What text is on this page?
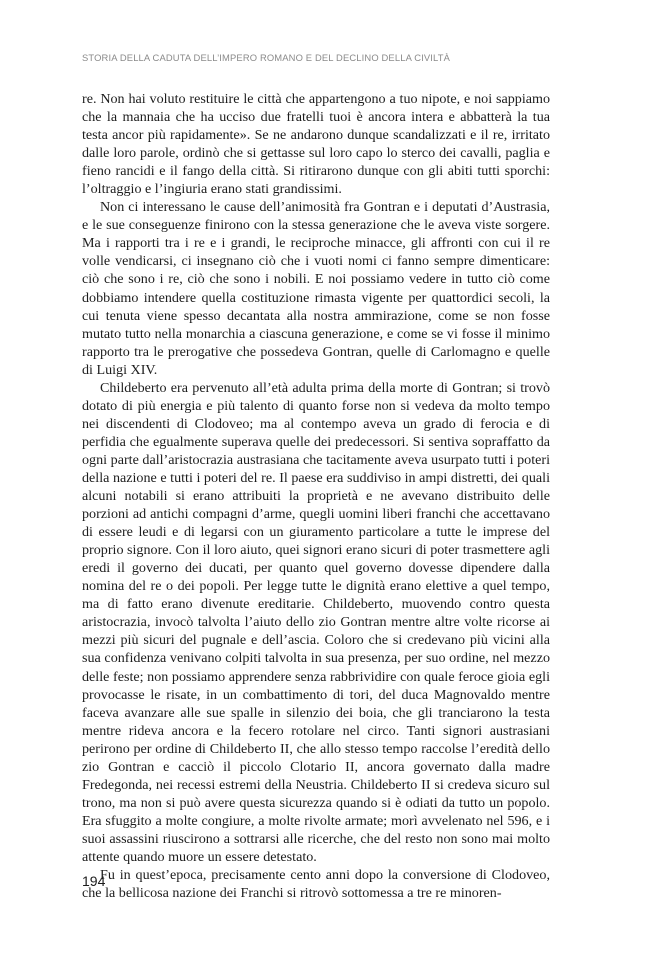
STORIA DELLA CADUTA DELL’IMPERO ROMANO E DEL DECLINO DELLA CIVILTÀ

re. Non hai voluto restituire le città che appartengono a tuo nipote, e noi sappiamo che la mannaia che ha ucciso due fratelli tuoi è ancora intera e abbatterà la tua testa ancor più rapidamente». Se ne andarono dunque scandalizzati e il re, irritato dalle loro parole, ordinò che si gettasse sul loro capo lo sterco dei cavalli, paglia e fieno rancidi e il fango della città. Si ritirarono dunque con gli abiti tutti sporchi: l’oltraggio e l’ingiuria erano stati grandissimi.

Non ci interessano le cause dell’animosità fra Gontran e i deputati d’Austrasia, e le sue conseguenze finirono con la stessa generazione che le aveva viste sorgere. Ma i rapporti tra i re e i grandi, le reciproche minacce, gli affronti con cui il re volle vendicarsi, ci insegnano ciò che i vuoti nomi ci fanno sempre dimenticare: ciò che sono i re, ciò che sono i nobili. E noi possiamo vedere in tutto ciò come dobbiamo intendere quella costituzione rimasta vigente per quattordici secoli, la cui tenuta viene spesso decantata alla nostra ammirazione, come se non fosse mutato tutto nella monarchia a ciascuna generazione, e come se vi fosse il minimo rapporto tra le prerogative che possedeva Gontran, quelle di Carlomagno e quelle di Luigi XIV.

Childeberto era pervenuto all’età adulta prima della morte di Gontran; si trovò dotato di più energia e più talento di quanto forse non si vedeva da molto tempo nei discendenti di Clodoveo; ma al contempo aveva un grado di ferocia e di perfidia che egualmente superava quelle dei predecessori. Si sentiva sopraffatto da ogni parte dall’aristocrazia austrasiana che tacitamente aveva usurpato tutti i poteri della nazione e tutti i poteri del re. Il paese era suddiviso in ampi distretti, dei quali alcuni notabili si erano attribuiti la proprietà e ne avevano distribuito delle porzioni ad antichi compagni d’arme, quegli uomini liberi franchi che accettavano di essere leudi e di legarsi con un giuramento particolare a tutte le imprese del proprio signore. Con il loro aiuto, quei signori erano sicuri di poter trasmettere agli eredi il governo dei ducati, per quanto quel governo dovesse dipendere dalla nomina del re o dei popoli. Per legge tutte le dignità erano elettive a quel tempo, ma di fatto erano divenute ereditarie. Childeberto, muovendo contro questa aristocrazia, invocò talvolta l’aiuto dello zio Gontran mentre altre volte ricorse ai mezzi più sicuri del pugnale e dell’ascia. Coloro che si credevano più vicini alla sua confidenza venivano colpiti talvolta in sua presenza, per suo ordine, nel mezzo delle feste; non possiamo apprendere senza rabbrividire con quale feroce gioia egli provocasse le risate, in un combattimento di tori, del duca Magnovaldo mentre faceva avanzare alle sue spalle in silenzio dei boia, che gli tranciarono la testa mentre rideva ancora e la fecero rotolare nel circo. Tanti signori austrasiani perirono per ordine di Childeberto II, che allo stesso tempo raccolse l’eredità dello zio Gontran e cacciò il piccolo Clotario II, ancora governato dalla madre Fredegonda, nei recessi estremi della Neustria. Childeberto II si credeva sicuro sul trono, ma non si può avere questa sicurezza quando si è odiati da tutto un popolo. Era sfuggito a molte congiure, a molte rivolte armate; morì avvelenato nel 596, e i suoi assassini riuscirono a sottrarsi alle ricerche, che del resto non sono mai molto attente quando muore un essere detestato.

Fu in quest’epoca, precisamente cento anni dopo la conversione di Clodoveo, che la bellicosa nazione dei Franchi si ritrovò sottomessa a tre re minoren-

194
